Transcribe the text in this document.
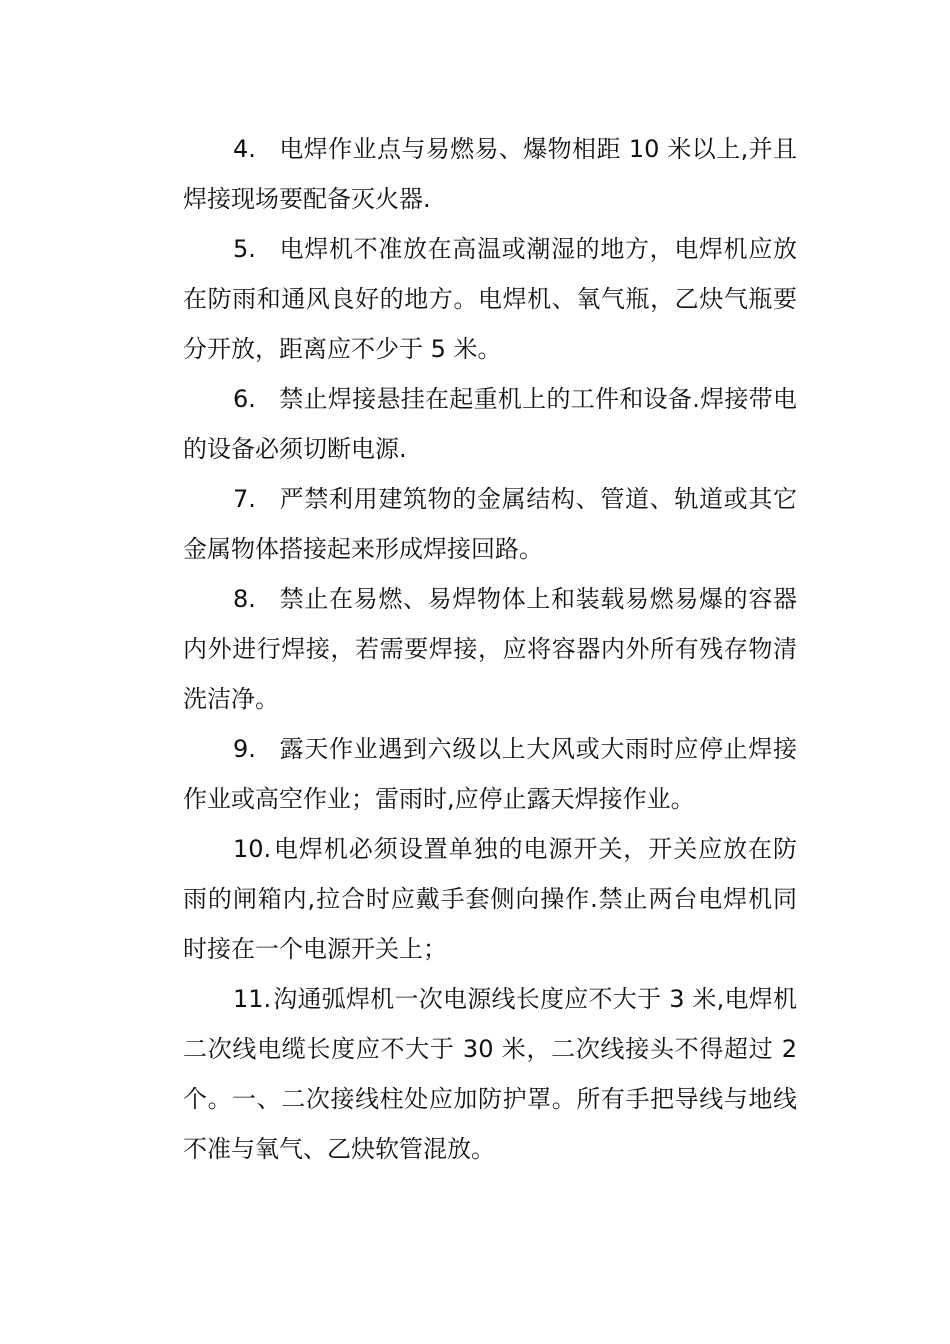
4. 电焊作业点与易燃易、爆物相距 10 米以上,并且焊接现场要配备灭火器.

5. 电焊机不准放在高温或潮湿的地方，电焊机应放在防雨和通风良好的地方。电焊机、氧气瓶，乙炔气瓶要分开放，距离应不少于 5 米。

6. 禁止焊接悬挂在起重机上的工件和设备.焊接带电的设备必须切断电源.

7. 严禁利用建筑物的金属结构、管道、轨道或其它金属物体搭接起来形成焊接回路。

8. 禁止在易燃、易焊物体上和装载易燃易爆的容器内外进行焊接，若需要焊接，应将容器内外所有残存物清洗洁净。

9. 露天作业遇到六级以上大风或大雨时应停止焊接作业或高空作业；雷雨时,应停止露天焊接作业。

10.电焊机必须设置单独的电源开关，开关应放在防雨的闸箱内,拉合时应戴手套侧向操作.禁止两台电焊机同时接在一个电源开关上；

11.沟通弧焊机一次电源线长度应不大于 3 米,电焊机二次线电缆长度应不大于 30 米，二次线接头不得超过 2 个。一、二次接线柱处应加防护罩。所有手把导线与地线不准与氧气、乙炔软管混放。
